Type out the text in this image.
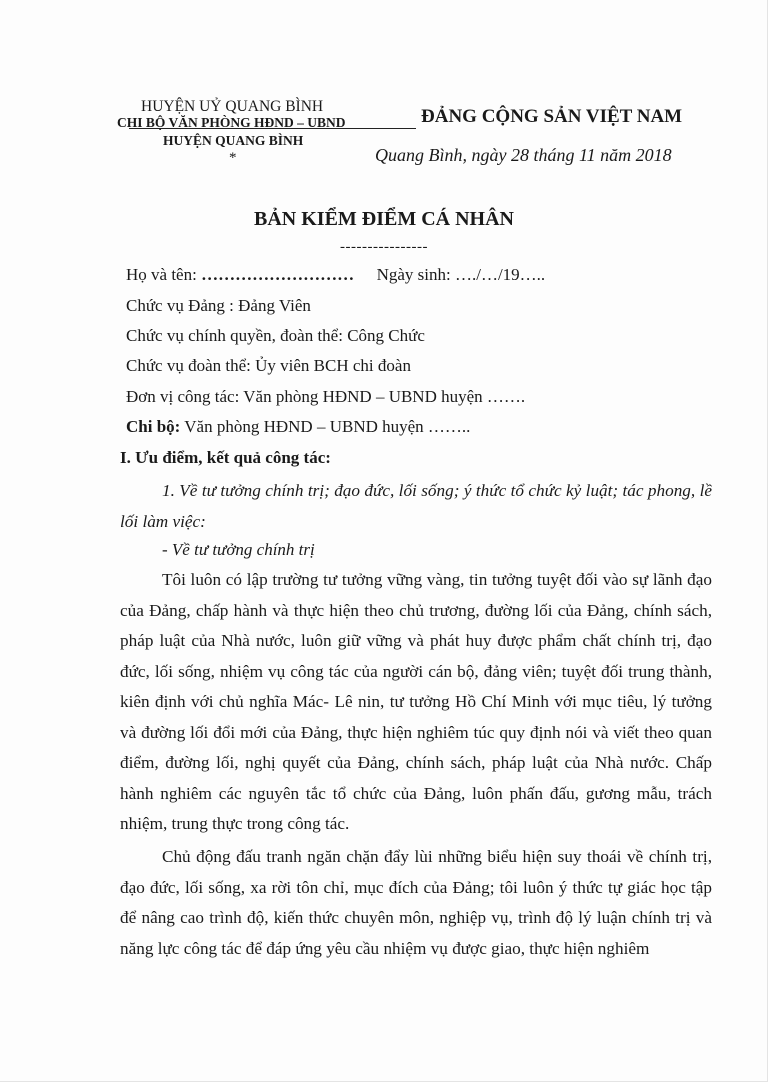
HUYỆN UỶ QUANG BÌNH
CHI BỘ VĂN PHÒNG HĐND – UBND
HUYỆN QUANG BÌNH
*
ĐẢNG CỘNG SẢN VIỆT NAM
Quang Bình, ngày 28 tháng 11 năm 2018
BẢN KIỂM ĐIỂM CÁ NHÂN
----------------
Họ và tên: ……………………… Ngày sinh: …./…/19…..
Chức vụ Đảng : Đảng Viên
Chức vụ chính quyền, đoàn thể: Công Chức
Chức vụ đoàn thể: Ủy viên BCH chi đoàn
Đơn vị công tác: Văn phòng HĐND – UBND huyện …….
Chi bộ: Văn phòng HĐND – UBND huyện ……..
I. Ưu điểm, kết quả công tác:
1. Về tư tưởng chính trị; đạo đức, lối sống; ý thức tổ chức kỷ luật; tác phong, lề lối làm việc:
- Về tư tưởng chính trị
Tôi luôn có lập trường tư tưởng vững vàng, tin tưởng tuyệt đối vào sự lãnh đạo của Đảng, chấp hành và thực hiện theo chủ trương, đường lối của Đảng, chính sách, pháp luật của Nhà nước, luôn giữ vững và phát huy được phẩm chất chính trị, đạo đức, lối sống, nhiệm vụ công tác của người cán bộ, đảng viên; tuyệt đối trung thành, kiên định với chủ nghĩa Mác- Lê nin, tư tưởng Hồ Chí Minh với mục tiêu, lý tưởng và đường lối đổi mới của Đảng, thực hiện nghiêm túc quy định nói và viết theo quan điểm, đường lối, nghị quyết của Đảng, chính sách, pháp luật của Nhà nước. Chấp hành nghiêm các nguyên tắc tổ chức của Đảng, luôn phấn đấu, gương mẫu, trách nhiệm, trung thực trong công tác.
Chủ động đấu tranh ngăn chặn đẩy lùi những biểu hiện suy thoái về chính trị, đạo đức, lối sống, xa rời tôn chỉ, mục đích của Đảng; tôi luôn ý thức tự giác học tập để nâng cao trình độ, kiến thức chuyên môn, nghiệp vụ, trình độ lý luận chính trị và năng lực công tác để đáp ứng yêu cầu nhiệm vụ được giao, thực hiện nghiêm
